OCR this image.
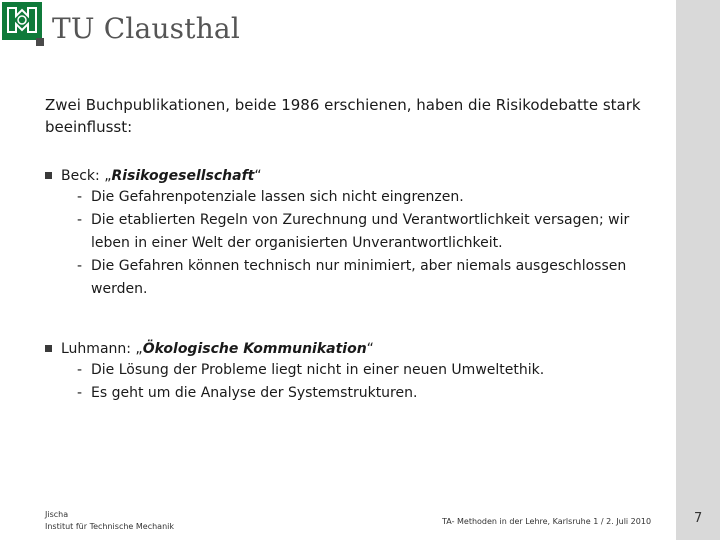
TU Clausthal
Zwei Buchpublikationen, beide 1986 erschienen, haben die Risikodebatte stark beeinflusst:
Beck: „Risikogesellschaft“
- Die Gefahrenpotenziale lassen sich nicht eingrenzen.
- Die etablierten Regeln von Zurechnung und Verantwortlichkeit versagen; wir leben in einer Welt der organisierten Unverantwortlichkeit.
- Die Gefahren können technisch nur minimiert, aber niemals ausgeschlossen werden.
Luhmann: „Ökologische Kommunikation“
- Die Lösung der Probleme liegt nicht in einer neuen Umweltethik.
- Es geht um die Analyse der Systemstrukturen.
Jischa
Institut für Technische Mechanik
TA- Methoden in der Lehre, Karlsruhe 1 / 2. Juli 2010	7
